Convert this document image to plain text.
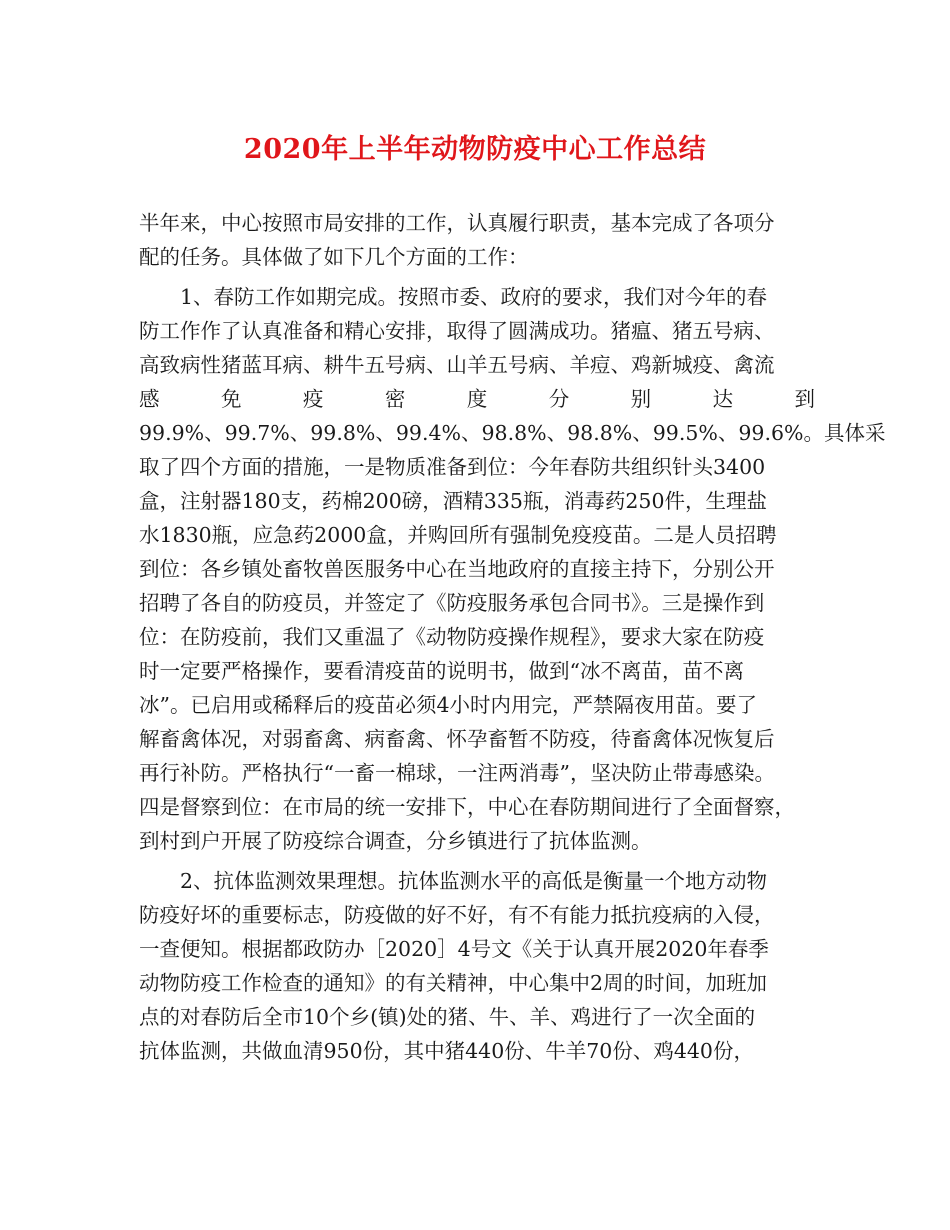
2020年上半年动物防疫中心工作总结
半年来，中心按照市局安排的工作，认真履行职责，基本完成了各项分
配的任务。具体做了如下几个方面的工作：
　　1、春防工作如期完成。按照市委、政府的要求，我们对今年的春
防工作作了认真准备和精心安排，取得了圆满成功。猪瘟、猪五号病、
高致病性猪蓝耳病、耕牛五号病、山羊五号病、羊痘、鸡新城疫、禽流
感	免	疫	密	度	分	别	达	到
99.9%、99.7%、99.8%、99.4%、98.8%、98.8%、99.5%、99.6%。具体采
取了四个方面的措施，一是物质准备到位：今年春防共组织针头3400
盒，注射器180支，药棉200磅，酒精335瓶，消毒药250件，生理盐
水1830瓶，应急药2000盒，并购回所有强制免疫疫苗。二是人员招聘
到位：各乡镇处畜牧兽医服务中心在当地政府的直接主持下，分别公开
招聘了各自的防疫员，并签定了《防疫服务承包合同书》。三是操作到
位：在防疫前，我们又重温了《动物防疫操作规程》，要求大家在防疫
时一定要严格操作，要看清疫苗的说明书，做到“冰不离苗，苗不离
冰”。已启用或稀释后的疫苗必须4小时内用完，严禁隔夜用苗。要了
解畜禽体况，对弱畜禽、病畜禽、怀孕畜暂不防疫，待畜禽体况恢复后
再行补防。严格执行“一畜一棉球，一注两消毒”，坚决防止带毒感染。
四是督察到位：在市局的统一安排下，中心在春防期间进行了全面督察，
到村到户开展了防疫综合调查，分乡镇进行了抗体监测。
　　2、抗体监测效果理想。抗体监测水平的高低是衡量一个地方动物
防疫好坏的重要标志，防疫做的好不好，有不有能力抵抗疫病的入侵，
一查便知。根据都政防办［2020］4号文《关于认真开展2020年春季
动物防疫工作检查的通知》的有关精神，中心集中2周的时间，加班加
点的对春防后全市10个乡(镇)处的猪、牛、羊、鸡进行了一次全面的
抗体监测，共做血清950份，其中猪440份、牛羊70份、鸡440份，
